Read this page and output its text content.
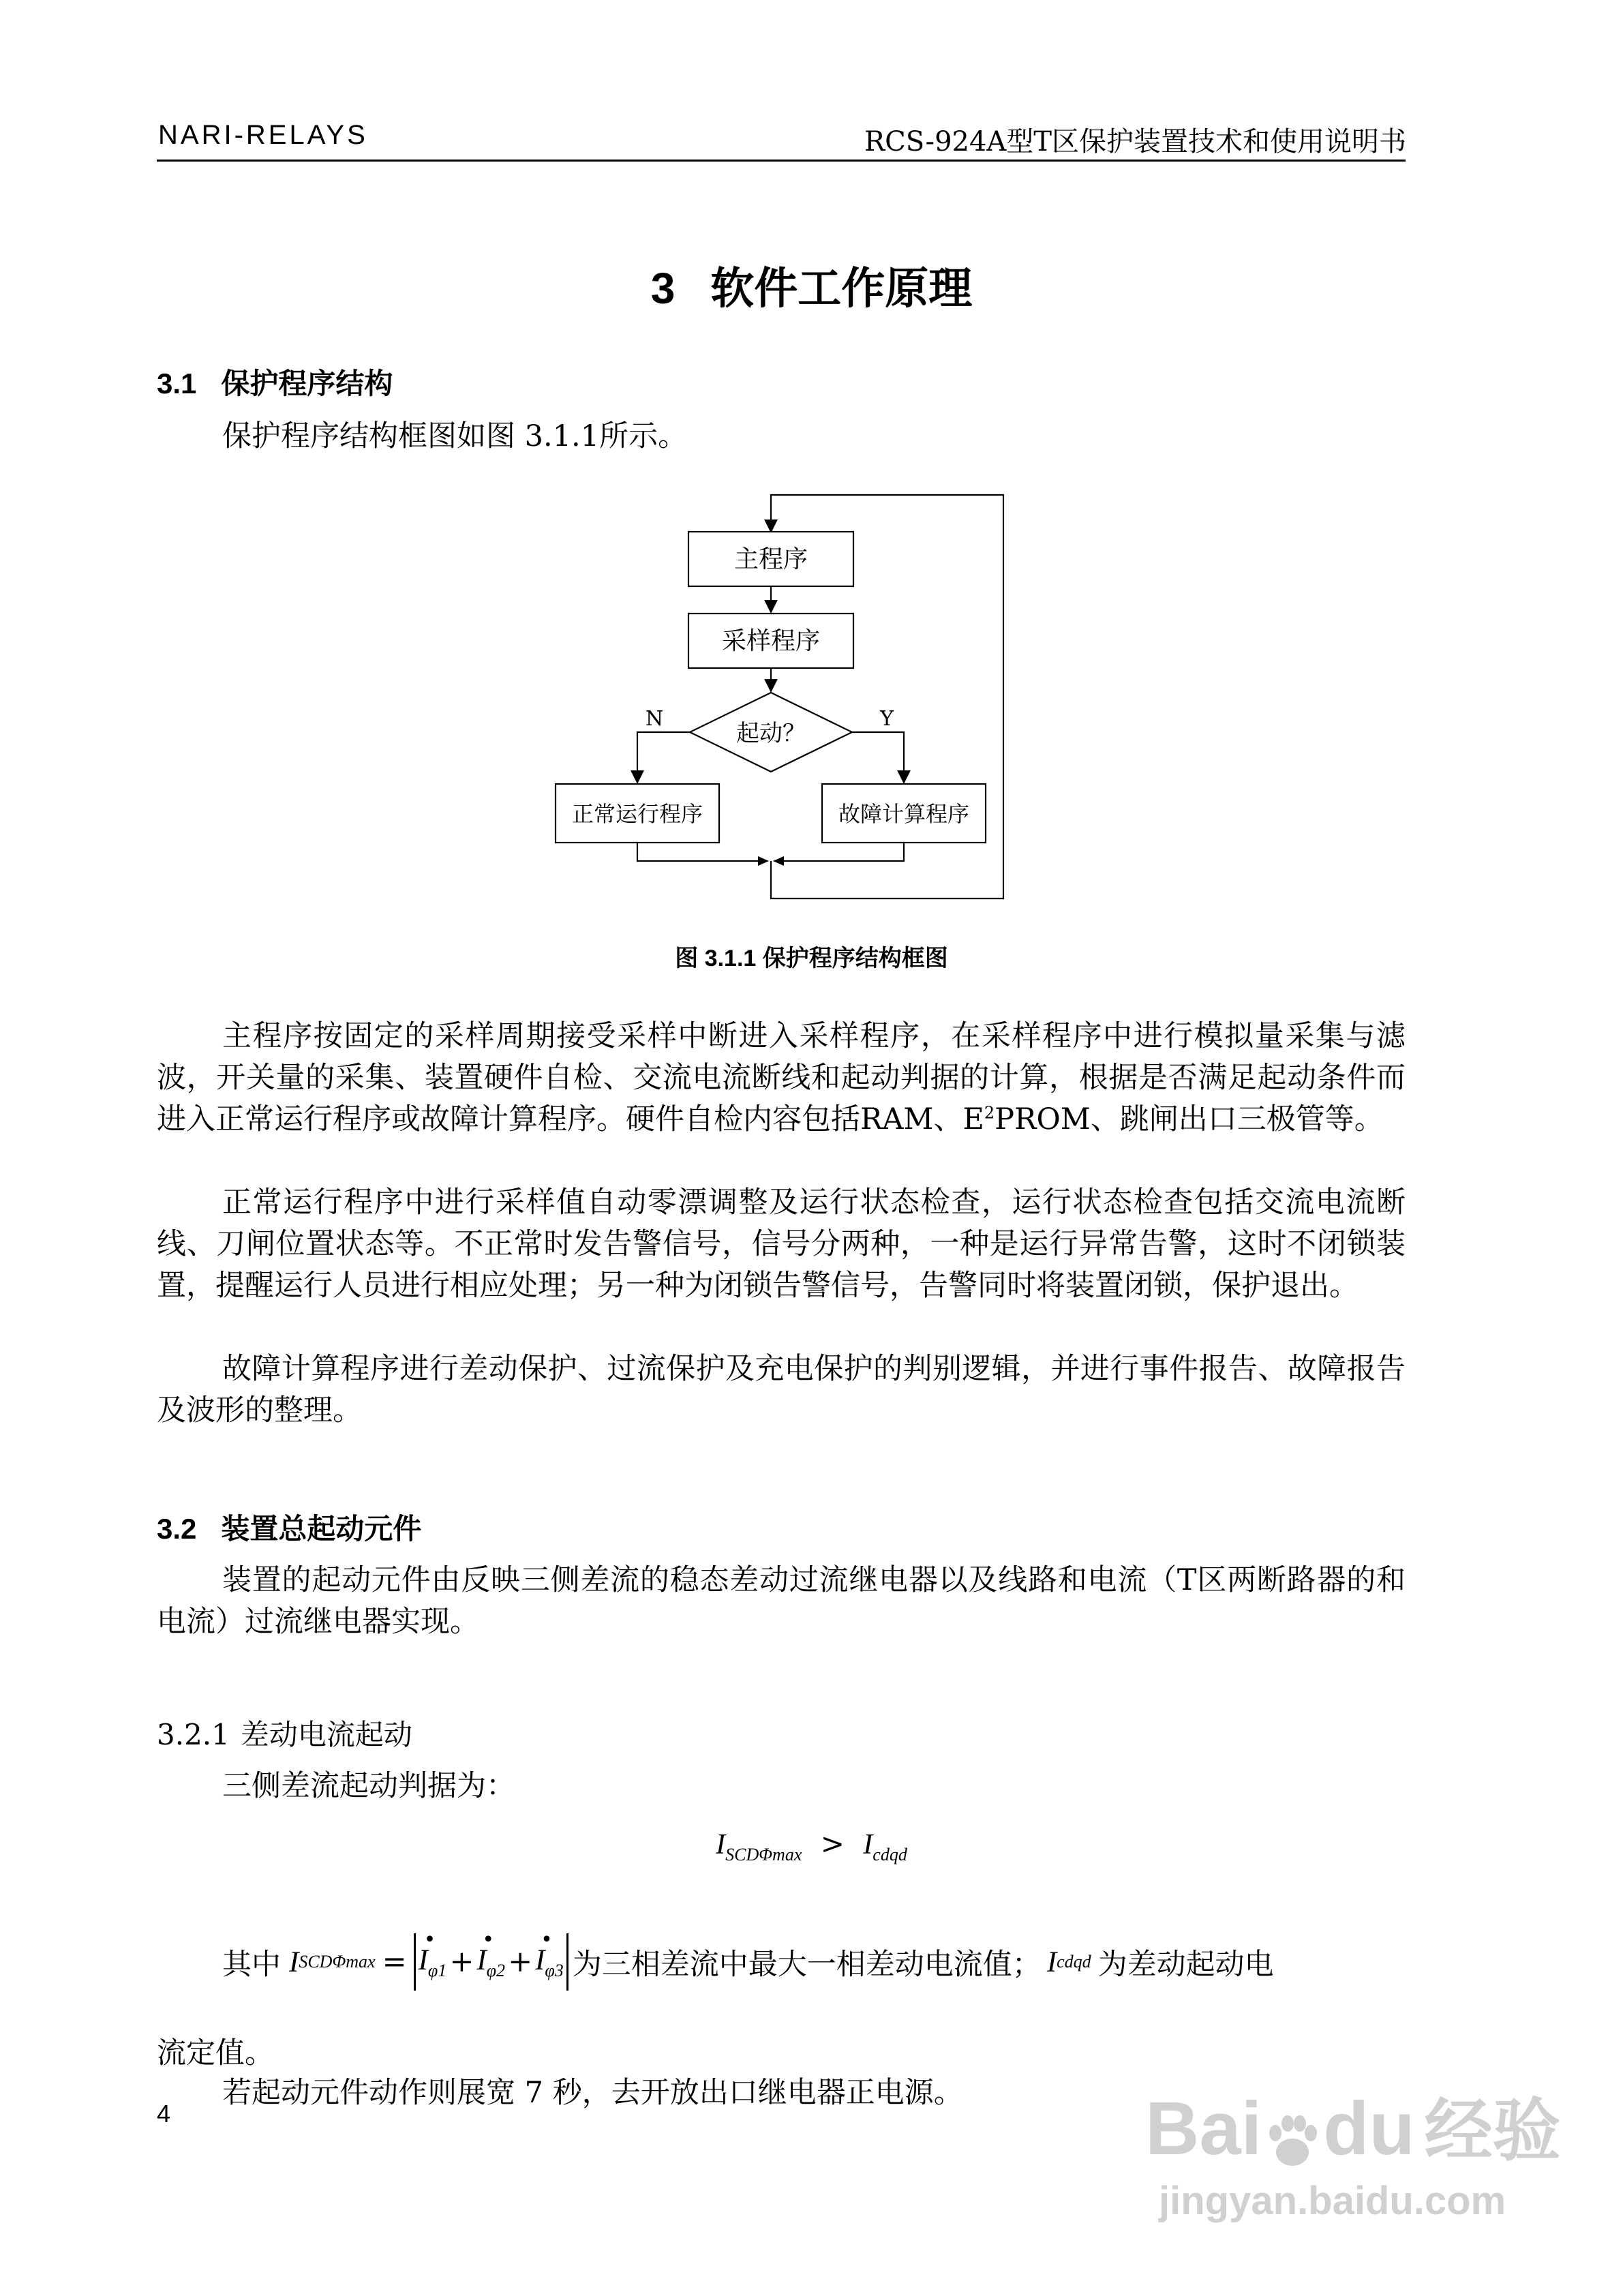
NARI-RELAYS	RCS-924A型T区保护装置技术和使用说明书
3 软件工作原理
3.1 保护程序结构

保护程序结构框图如图 3.1.1所示。

主程序
采样程序
起动？
N	Y
正常运行程序	故障计算程序
图 3.1.1 保护程序结构框图

主程序按固定的采样周期接受采样中断进入采样程序，在采样程序中进行模拟量采集与滤波，开关量的采集、装置硬件自检、交流电流断线和起动判据的计算，根据是否满足起动条件而进入正常运行程序或故障计算程序。硬件自检内容包括RAM、$E^2PROM$、跳闸出口三极管等。

正常运行程序中进行采样值自动零漂调整及运行状态检查，运行状态检查包括交流电流断线、刀闸位置状态等。不正常时发告警信号，信号分两种，一种是运行异常告警，这时不闭锁装置，提醒运行人员进行相应处理；另一种为闭锁告警信号，告警同时将装置闭锁，保护退出。

故障计算程序进行差动保护、过流保护及充电保护的判别逻辑，并进行事件报告、故障报告及波形的整理。

3.2 装置总起动元件

装置的起动元件由反映三侧差流的稳态差动过流继电器以及线路和电流（T区两断路器的和电流）过流继电器实现。

3.2.1 差动电流起动

三侧差流起动判据为：

$I_{SCD\Phi max} > I_{cdqd}$
其中 I SCDΦmax =
•
$I_{\varphi 1}$ +
•
$I_{\varphi 2}$ +
•
$I_{\varphi 3}$ 为三相差流中最大一相差动电流值； I cdqd 为差动起动电
流定值。

若起动元件动作则展宽 7 秒，去开放出口继电器正电源。

4	Bai du 经验
jingyan.baidu.com
